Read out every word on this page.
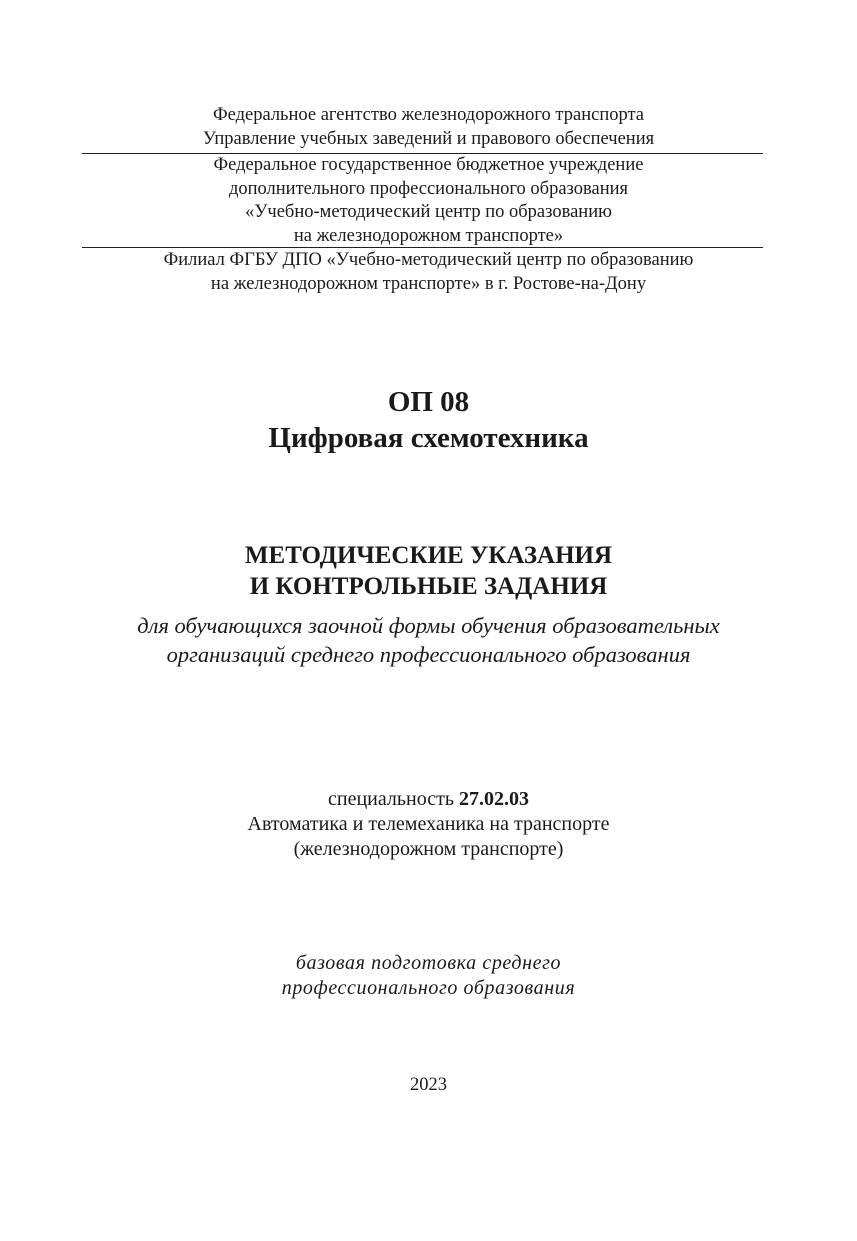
Федеральное агентство железнодорожного транспорта
Управление учебных заведений и правового обеспечения
Федеральное государственное бюджетное учреждение
дополнительного профессионального образования
«Учебно-методический центр по образованию
на железнодорожном транспорте»
Филиал ФГБУ ДПО «Учебно-методический центр по образованию
на железнодорожном транспорте» в г. Ростове-на-Дону
ОП 08
Цифровая схемотехника
МЕТОДИЧЕСКИЕ УКАЗАНИЯ
И КОНТРОЛЬНЫЕ ЗАДАНИЯ
для обучающихся заочной формы обучения образовательных
организаций среднего профессионального образования
специальность 27.02.03
Автоматика и телемеханика на транспорте
(железнодорожном транспорте)
базовая подготовка среднего
профессионального образования
2023
